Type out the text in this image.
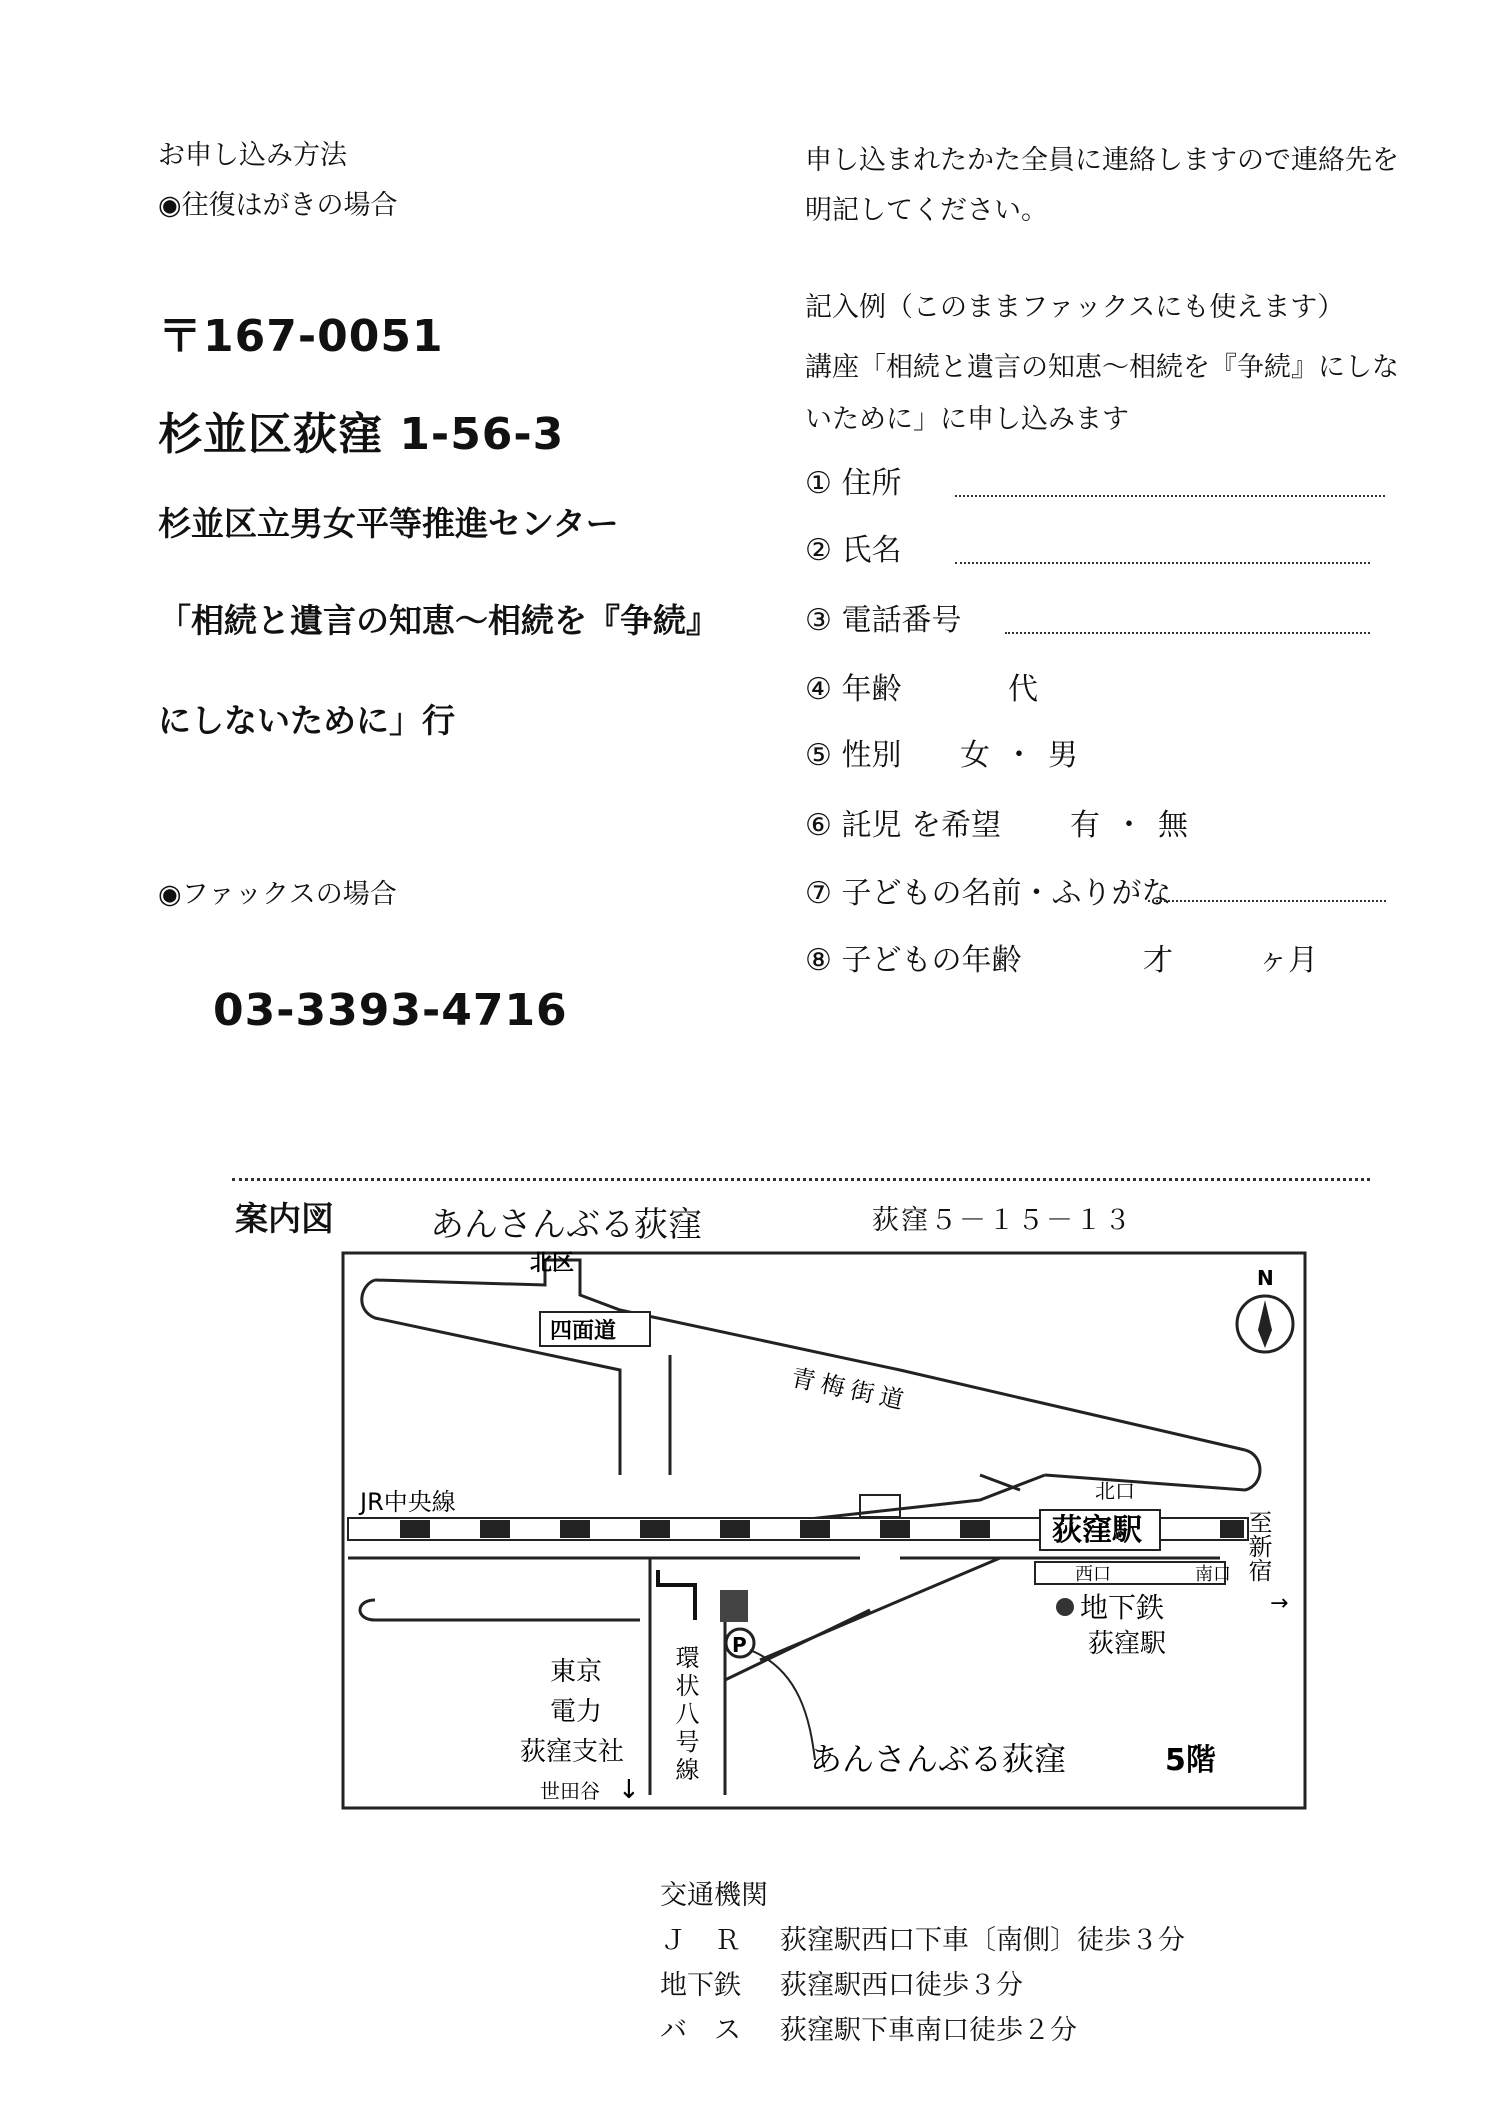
お申し込み方法
◉往復はがきの場合
〒167-0051
杉並区荻窪 1-56-3
杉並区立男女平等推進センター
「相続と遺言の知恵～相続を『争続』
にしないために」行
◉ファックスの場合
03-3393-4716
申し込まれたかた全員に連絡しますので連絡先を
明記してください。
記入例（このままファックスにも使えます）
講座「相続と遺言の知恵～相続を『争続』にしな
いために」に申し込みます
① 住所
② 氏名
③ 電話番号
④ 年齢	代
⑤ 性別 女・男
⑥ 託児 を希望 有・無
⑦ 子どもの名前・ふりがな
⑧ 子どもの年齢	才	ヶ月
案内図	あんさんぶる荻窪	荻窪５－１５－１３
N
北区
四面道
青梅街道
JR中央線	北口
荻窪駅
西口	南口 至新宿
→
地下鉄
荻窪駅
P
東京
電力
荻窪支社 環状八号線
世田谷 ↓
あんさんぶる荻窪	5階
交通機関
Ｊ　Ｒ 荻窪駅西口下車〔南側〕徒歩３分
地下鉄 荻窪駅西口徒歩３分
バ　ス 荻窪駅下車南口徒歩２分
